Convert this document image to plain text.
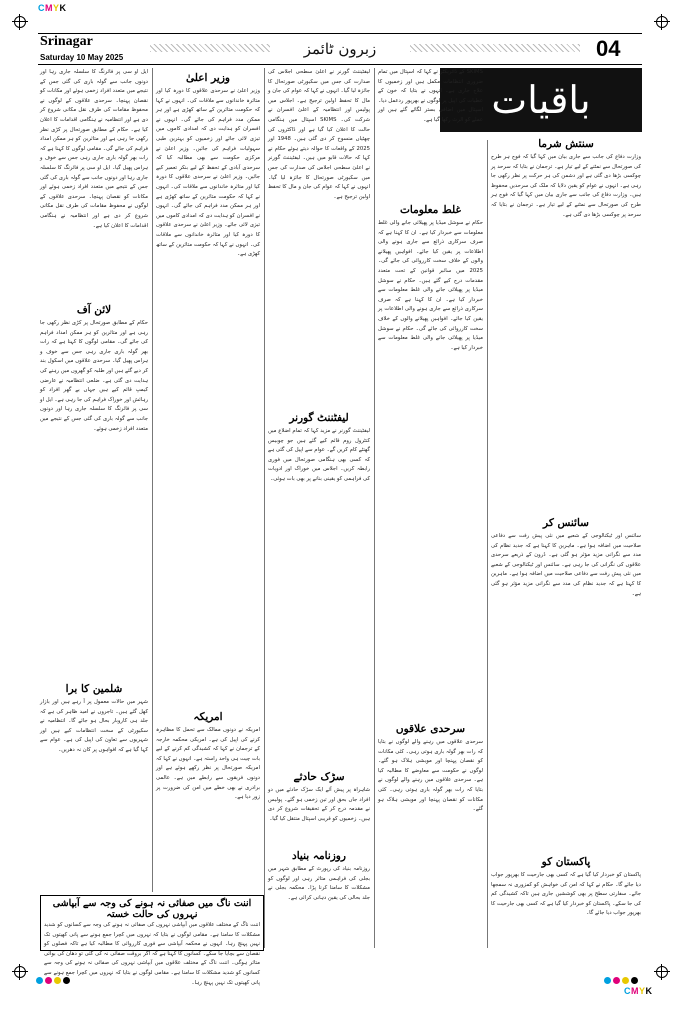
CMYK
CMYK
Srinagar
Saturday 10 May 2025	زبرون ٹائمز	04
باقیات

ایل او سی پر فائرنگ کا سلسلہ جاری رہا اور دونوں جانب سے گولہ باری کی گئی جس کے نتیجے میں متعدد افراد زخمی ہوئے اور مکانات کو نقصان پہنچا۔ سرحدی علاقوں کے لوگوں نے محفوظ مقامات کی طرف نقل مکانی شروع کر دی ہے اور انتظامیہ نے ہنگامی اقدامات کا اعلان کیا ہے۔ حکام کے مطابق صورتحال پر کڑی نظر رکھی جا رہی ہے اور متاثرین کو ہر ممکن امداد فراہم کی جائے گی۔ مقامی لوگوں کا کہنا ہے کہ رات بھر گولہ باری جاری رہی جس سے خوف و ہراس پھیل گیا۔ ایل او سی پر فائرنگ کا سلسلہ جاری رہا اور دونوں جانب سے گولہ باری کی گئی جس کے نتیجے میں متعدد افراد زخمی ہوئے اور مکانات کو نقصان پہنچا۔ سرحدی علاقوں کے لوگوں نے محفوظ مقامات کی طرف نقل مکانی شروع کر دی ہے اور انتظامیہ نے ہنگامی اقدامات کا اعلان کیا ہے۔

لائن آف

حکام کے مطابق صورتحال پر کڑی نظر رکھی جا رہی ہے اور متاثرین کو ہر ممکن امداد فراہم کی جائے گی۔ مقامی لوگوں کا کہنا ہے کہ رات بھر گولہ باری جاری رہی جس سے خوف و ہراس پھیل گیا۔ سرحدی علاقوں میں اسکول بند کر دیے گئے ہیں اور طلبہ کو گھروں میں رہنے کی ہدایت دی گئی ہے۔ ضلعی انتظامیہ نے عارضی کیمپ قائم کیے ہیں جہاں بے گھر افراد کو رہائش اور خوراک فراہم کی جا رہی ہے۔ ایل او سی پر فائرنگ کا سلسلہ جاری رہا اور دونوں جانب سے گولہ باری کی گئی جس کے نتیجے میں متعدد افراد زخمی ہوئے۔

شلمین کا برا

شہر میں حالات معمول پر آ رہے ہیں اور بازار کھل گئے ہیں۔ تاجروں نے امید ظاہر کی ہے کہ جلد ہی کاروبار بحال ہو جائے گا۔ انتظامیہ نے سکیورٹی کے سخت انتظامات کیے ہیں اور شہریوں سے تعاون کی اپیل کی ہے۔ عوام سے کہا گیا ہے کہ افواہوں پر کان نہ دھریں۔

وزیر اعلیٰ

وزیر اعلیٰ نے سرحدی علاقوں کا دورہ کیا اور متاثرہ خاندانوں سے ملاقات کی۔ انہوں نے کہا کہ حکومت متاثرین کے ساتھ کھڑی ہے اور ہر ممکن مدد فراہم کی جائے گی۔ انہوں نے افسران کو ہدایت دی کہ امدادی کاموں میں تیزی لائی جائے اور زخمیوں کو بہترین طبی سہولیات فراہم کی جائیں۔ وزیر اعلیٰ نے مرکزی حکومت سے بھی مطالبہ کیا کہ سرحدی آبادی کے تحفظ کے لیے بنکر تعمیر کیے جائیں۔ وزیر اعلیٰ نے سرحدی علاقوں کا دورہ کیا اور متاثرہ خاندانوں سے ملاقات کی۔ انہوں نے کہا کہ حکومت متاثرین کے ساتھ کھڑی ہے اور ہر ممکن مدد فراہم کی جائے گی۔ انہوں نے افسران کو ہدایت دی کہ امدادی کاموں میں تیزی لائی جائے۔ وزیر اعلیٰ نے سرحدی علاقوں کا دورہ کیا اور متاثرہ خاندانوں سے ملاقات کی۔ انہوں نے کہا کہ حکومت متاثرین کے ساتھ کھڑی ہے۔

امریکہ

امریکہ نے دونوں ممالک سے تحمل کا مظاہرہ کرنے کی اپیل کی ہے۔ امریکی محکمہ خارجہ کے ترجمان نے کہا کہ کشیدگی کم کرنے کے لیے بات چیت ہی واحد راستہ ہے۔ انہوں نے کہا کہ امریکہ صورتحال پر نظر رکھے ہوئے ہے اور دونوں فریقوں سے رابطے میں ہے۔ عالمی برادری نے بھی خطے میں امن کی ضرورت پر زور دیا ہے۔

لیفٹیننٹ گورنر نے اعلیٰ سطحی اجلاس کی صدارت کی جس میں سکیورٹی صورتحال کا جائزہ لیا گیا۔ انہوں نے کہا کہ عوام کی جان و مال کا تحفظ اولین ترجیح ہے۔ اجلاس میں پولیس اور انتظامیہ کے اعلیٰ افسران نے شرکت کی۔ SKIMS اسپتال میں ہنگامی حالت کا اعلان کیا گیا ہے اور ڈاکٹروں کی چھٹیاں منسوخ کر دی گئی ہیں۔ 1948 اور 2025 کے واقعات کا حوالہ دیتے ہوئے حکام نے کہا کہ حالات قابو میں ہیں۔ لیفٹیننٹ گورنر نے اعلیٰ سطحی اجلاس کی صدارت کی جس میں سکیورٹی صورتحال کا جائزہ لیا گیا۔ انہوں نے کہا کہ عوام کی جان و مال کا تحفظ اولین ترجیح ہے۔

لیفٹننٹ گورنر

لیفٹیننٹ گورنر نے مزید کہا کہ تمام اضلاع میں کنٹرول روم قائم کیے گئے ہیں جو چوبیس گھنٹے کام کریں گے۔ عوام سے اپیل کی گئی ہے کہ کسی بھی ہنگامی صورتحال میں فوری رابطہ کریں۔ اجلاس میں خوراک اور ادویات کی فراہمی کو یقینی بنانے پر بھی بات ہوئی۔

سڑک حادثے

شاہراہ پر پیش آئے ایک سڑک حادثے میں دو افراد جاں بحق اور تین زخمی ہو گئے۔ پولیس نے مقدمہ درج کر کے تحقیقات شروع کر دی ہیں۔ زخمیوں کو قریبی اسپتال منتقل کیا گیا۔

روزنامہ بنیاد

روزنامہ بنیاد کی رپورٹ کے مطابق شہر میں بجلی کی فراہمی متاثر رہی اور لوگوں کو مشکلات کا سامنا کرنا پڑا۔ محکمہ بجلی نے جلد بحالی کی یقین دہانی کرائی ہے۔

SKIMS کے ڈائریکٹر نے کہا کہ اسپتال میں تمام ضروری انتظامات مکمل ہیں اور زخمیوں کا علاج جاری ہے۔ انہوں نے بتایا کہ خون کے عطیات کی اپیل پر لوگوں نے بھرپور ردعمل دیا۔ اسپتال میں اضافی بستر لگائے گئے ہیں اور عملے کو الرٹ رکھا گیا ہے۔

غلط معلومات

حکام نے سوشل میڈیا پر پھیلائی جانے والی غلط معلومات سے خبردار کیا ہے۔ ان کا کہنا ہے کہ صرف سرکاری ذرائع سے جاری ہونے والی اطلاعات پر یقین کیا جائے۔ افواہیں پھیلانے والوں کے خلاف سخت کارروائی کی جائے گی۔ 2025 میں سائبر قوانین کے تحت متعدد مقدمات درج کیے گئے ہیں۔ حکام نے سوشل میڈیا پر پھیلائی جانے والی غلط معلومات سے خبردار کیا ہے۔ ان کا کہنا ہے کہ صرف سرکاری ذرائع سے جاری ہونے والی اطلاعات پر یقین کیا جائے۔ افواہیں پھیلانے والوں کے خلاف سخت کارروائی کی جائے گی۔ حکام نے سوشل میڈیا پر پھیلائی جانے والی غلط معلومات سے خبردار کیا ہے۔

سرحدی علاقوں

سرحدی علاقوں میں رہنے والے لوگوں نے بتایا کہ رات بھر گولہ باری ہوتی رہی۔ کئی مکانات کو نقصان پہنچا اور مویشی ہلاک ہو گئے۔ لوگوں نے حکومت سے معاوضے کا مطالبہ کیا ہے۔ سرحدی علاقوں میں رہنے والے لوگوں نے بتایا کہ رات بھر گولہ باری ہوتی رہی۔ کئی مکانات کو نقصان پہنچا اور مویشی ہلاک ہو گئے۔

سنتش شرما

وزارت دفاع کی جانب سے جاری بیان میں کہا گیا کہ فوج ہر طرح کی صورتحال سے نمٹنے کے لیے تیار ہے۔ ترجمان نے بتایا کہ سرحد پر چوکسی بڑھا دی گئی ہے اور دشمن کی ہر حرکت پر نظر رکھی جا رہی ہے۔ انہوں نے عوام کو یقین دلایا کہ ملک کی سرحدیں محفوظ ہیں۔ وزارت دفاع کی جانب سے جاری بیان میں کہا گیا کہ فوج ہر طرح کی صورتحال سے نمٹنے کے لیے تیار ہے۔ ترجمان نے بتایا کہ سرحد پر چوکسی بڑھا دی گئی ہے۔

سائنس کر

سائنس اور ٹیکنالوجی کے شعبے میں نئی پیش رفت سے دفاعی صلاحیت میں اضافہ ہوا ہے۔ ماہرین کا کہنا ہے کہ جدید نظام کی مدد سے نگرانی مزید مؤثر ہو گئی ہے۔ ڈرون کے ذریعے سرحدی علاقوں کی نگرانی کی جا رہی ہے۔ سائنس اور ٹیکنالوجی کے شعبے میں نئی پیش رفت سے دفاعی صلاحیت میں اضافہ ہوا ہے۔ ماہرین کا کہنا ہے کہ جدید نظام کی مدد سے نگرانی مزید مؤثر ہو گئی ہے۔

پاکستان کو

پاکستان کو خبردار کیا گیا ہے کہ کسی بھی جارحیت کا بھرپور جواب دیا جائے گا۔ حکام نے کہا کہ امن کی خواہش کو کمزوری نہ سمجھا جائے۔ سفارتی سطح پر بھی کوششیں جاری ہیں تاکہ کشیدگی کم کی جا سکے۔ پاکستان کو خبردار کیا گیا ہے کہ کسی بھی جارحیت کا بھرپور جواب دیا جائے گا۔

اننت ناگ میں صفائی نہ ہونے کی وجہ سے آبپاشی نہروں کی حالت خستہ

اننت ناگ کے مختلف علاقوں میں آبپاشی نہروں کی صفائی نہ ہونے کی وجہ سے کسانوں کو شدید مشکلات کا سامنا ہے۔ مقامی لوگوں نے بتایا کہ نہروں میں کچرا جمع ہونے سے پانی کھیتوں تک نہیں پہنچ رہا۔ انہوں نے محکمہ آبپاشی سے فوری کارروائی کا مطالبہ کیا ہے تاکہ فصلوں کو نقصان سے بچایا جا سکے۔ کسانوں کا کہنا ہے کہ اگر بروقت صفائی نہ کی گئی تو دھان کی بوائی متاثر ہوگی۔ اننت ناگ کے مختلف علاقوں میں آبپاشی نہروں کی صفائی نہ ہونے کی وجہ سے کسانوں کو شدید مشکلات کا سامنا ہے۔ مقامی لوگوں نے بتایا کہ نہروں میں کچرا جمع ہونے سے پانی کھیتوں تک نہیں پہنچ رہا۔
